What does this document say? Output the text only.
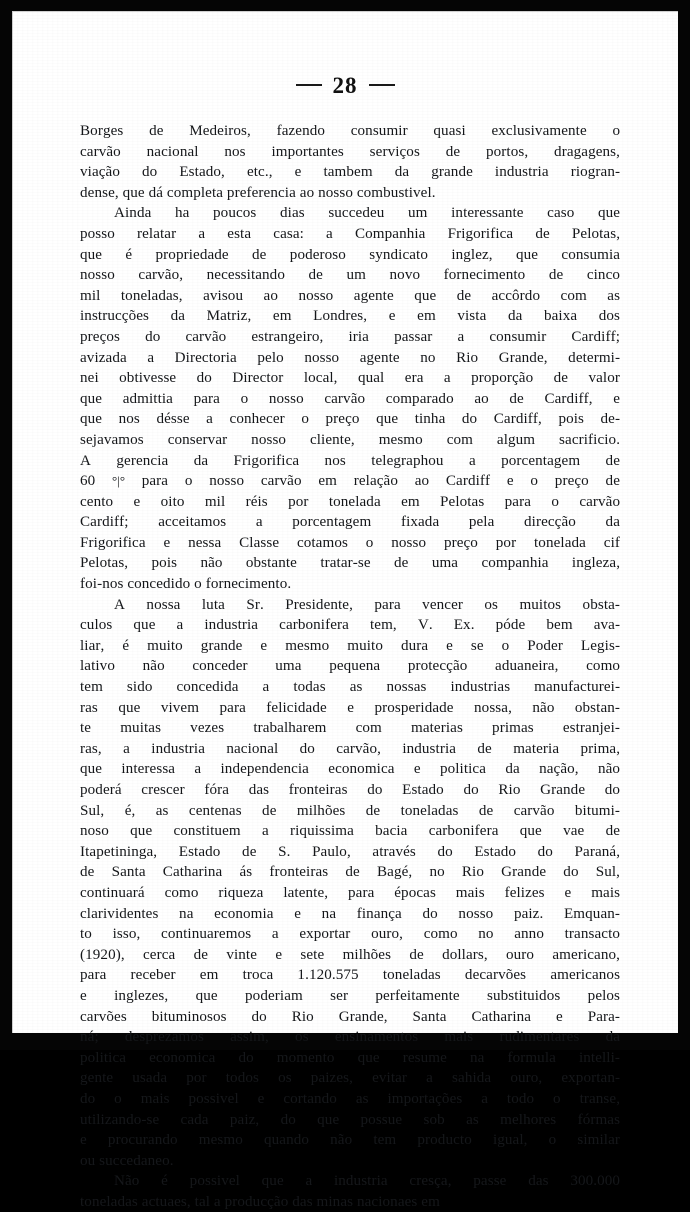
28
Borges de Medeiros, fazendo consumir quasi exclusivamente o
carvão nacional nos importantes serviços de portos, dragagens,
viação do Estado, etc., e tambem da grande industria riogran-
dense, que dá completa preferencia ao nosso combustivel.
Ainda ha poucos dias succedeu um interessante caso que
posso relatar a esta casa: a Companhia Frigorifica de Pelotas,
que é propriedade de poderoso syndicato inglez, que consumia
nosso carvão, necessitando de um novo fornecimento de cinco
mil toneladas, avisou ao nosso agente que de accôrdo com as
instrucções da Matriz, em Londres, e em vista da baixa dos
preços do carvão estrangeiro, iria passar a consumir Cardiff;
avizada a Directoria pelo nosso agente no Rio Grande, determi-
nei obtivesse do Director local, qual era a proporção de valor
que admittia para o nosso carvão comparado ao de Cardiff, e
que nos désse a conhecer o preço que tinha do Cardiff, pois de-
sejavamos conservar nosso cliente, mesmo com algum sacrificio.
A gerencia da Frigorifica nos telegraphou a porcentagem de
60 °|° para o nosso carvão em relação ao Cardiff e o preço de
cento e oito mil réis por tonelada em Pelotas para o carvão
Cardiff; acceitamos a porcentagem fixada pela direcção da
Frigorifica e nessa Classe cotamos o nosso preço por tonelada cif
Pelotas, pois não obstante tratar-se de uma companhia ingleza,
foi-nos concedido o fornecimento.
A nossa luta Sr. Presidente, para vencer os muitos obsta-
culos que a industria carbonifera tem, V. Ex. póde bem ava-
liar, é muito grande e mesmo muito dura e se o Poder Legis-
lativo não conceder uma pequena protecção aduaneira, como
tem sido concedida a todas as nossas industrias manufacturei-
ras que vivem para felicidade e prosperidade nossa, não obstan-
te muitas vezes trabalharem com materias primas estranjei-
ras, a industria nacional do carvão, industria de materia prima,
que interessa a independencia economica e politica da nação, não
poderá crescer fóra das fronteiras do Estado do Rio Grande do
Sul, é, as centenas de milhões de toneladas de carvão bitumi-
noso que constituem a riquissima bacia carbonifera que vae de
Itapetininga, Estado de S. Paulo, através do Estado do Paraná,
de Santa Catharina ás fronteiras de Bagé, no Rio Grande do Sul,
continuará como riqueza latente, para épocas mais felizes e mais
clarividentes na economia e na finança do nosso paiz. Emquan-
to isso, continuaremos a exportar ouro, como no anno transacto
(1920), cerca de vinte e sete milhões de dollars, ouro americano,
para receber em troca 1.120.575 toneladas decarvões americanos
e inglezes, que poderiam ser perfeitamente substituidos pelos
carvões bituminosos do Rio Grande, Santa Catharina e Para-
ná; desprezamos assim, os ensinamentos mais rudimentares da
politica economica do momento que resume na formula intelli-
gente usada por todos os paizes, evitar a sahida ouro, exportan-
do o mais possivel e cortando as importações a todo o transe,
utilizando-se cada paiz, do que possue sob as melhores fórmas
e procurando mesmo quando não tem producto igual, o similar
ou succedaneo.
Não é possivel que a industria cresça, passe das 300.000
toneladas actuaes, tal a producção das minas nacionaes em
